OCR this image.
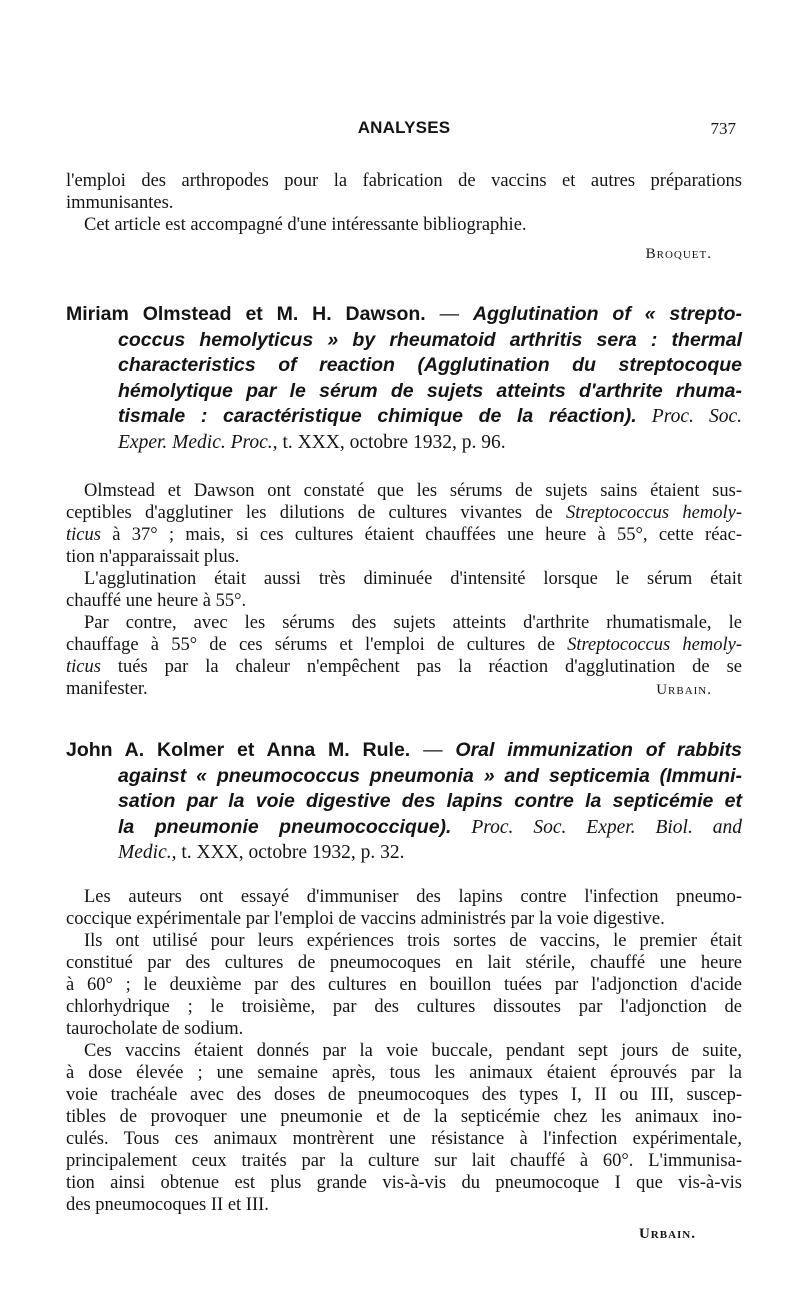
ANALYSES	737

l'emploi des arthropodes pour la fabrication de vaccins et autres préparations
immunisantes.
Cet article est accompagné d'une intéressante bibliographie.

Broquet.
Miriam Olmstead et M. H. Dawson. — Agglutination of « strepto-
coccus hemolyticus » by rheumatoid arthritis sera : thermal
characteristics of reaction (Agglutination du streptocoque
hémolytique par le sérum de sujets atteints d'arthrite rhuma-
tismale : caractéristique chimique de la réaction). Proc. Soc.
Exper. Medic. Proc., t. XXX, octobre 1932, p. 96.

Olmstead et Dawson ont constaté que les sérums de sujets sains étaient sus-
ceptibles d'agglutiner les dilutions de cultures vivantes de Streptococcus hemoly-
ticus à 37° ; mais, si ces cultures étaient chauffées une heure à 55°, cette réac-
tion n'apparaissait plus.
L'agglutination était aussi très diminuée d'intensité lorsque le sérum était
chauffé une heure à 55°.
Par contre, avec les sérums des sujets atteints d'arthrite rhumatismale, le
chauffage à 55° de ces sérums et l'emploi de cultures de Streptococcus hemoly-
ticus tués par la chaleur n'empêchent pas la réaction d'agglutination de se
manifester.	Urbain.
John A. Kolmer et Anna M. Rule. — Oral immunization of rabbits
against « pneumococcus pneumonia » and septicemia (Immuni-
sation par la voie digestive des lapins contre la septicémie et
la pneumonie pneumococcique). Proc. Soc. Exper. Biol. and
Medic., t. XXX, octobre 1932, p. 32.

Les auteurs ont essayé d'immuniser des lapins contre l'infection pneumo-
coccique expérimentale par l'emploi de vaccins administrés par la voie digestive.
Ils ont utilisé pour leurs expériences trois sortes de vaccins, le premier était
constitué par des cultures de pneumocoques en lait stérile, chauffé une heure
à 60° ; le deuxième par des cultures en bouillon tuées par l'adjonction d'acide
chlorhydrique ; le troisième, par des cultures dissoutes par l'adjonction de
taurocholate de sodium.
Ces vaccins étaient donnés par la voie buccale, pendant sept jours de suite,
à dose élevée ; une semaine après, tous les animaux étaient éprouvés par la
voie trachéale avec des doses de pneumocoques des types I, II ou III, suscep-
tibles de provoquer une pneumonie et de la septicémie chez les animaux ino-
culés. Tous ces animaux montrèrent une résistance à l'infection expérimentale,
principalement ceux traités par la culture sur lait chauffé à 60°. L'immunisa-
tion ainsi obtenue est plus grande vis-à-vis du pneumocoque I que vis-à-vis
des pneumocoques II et III.

Urbain.
